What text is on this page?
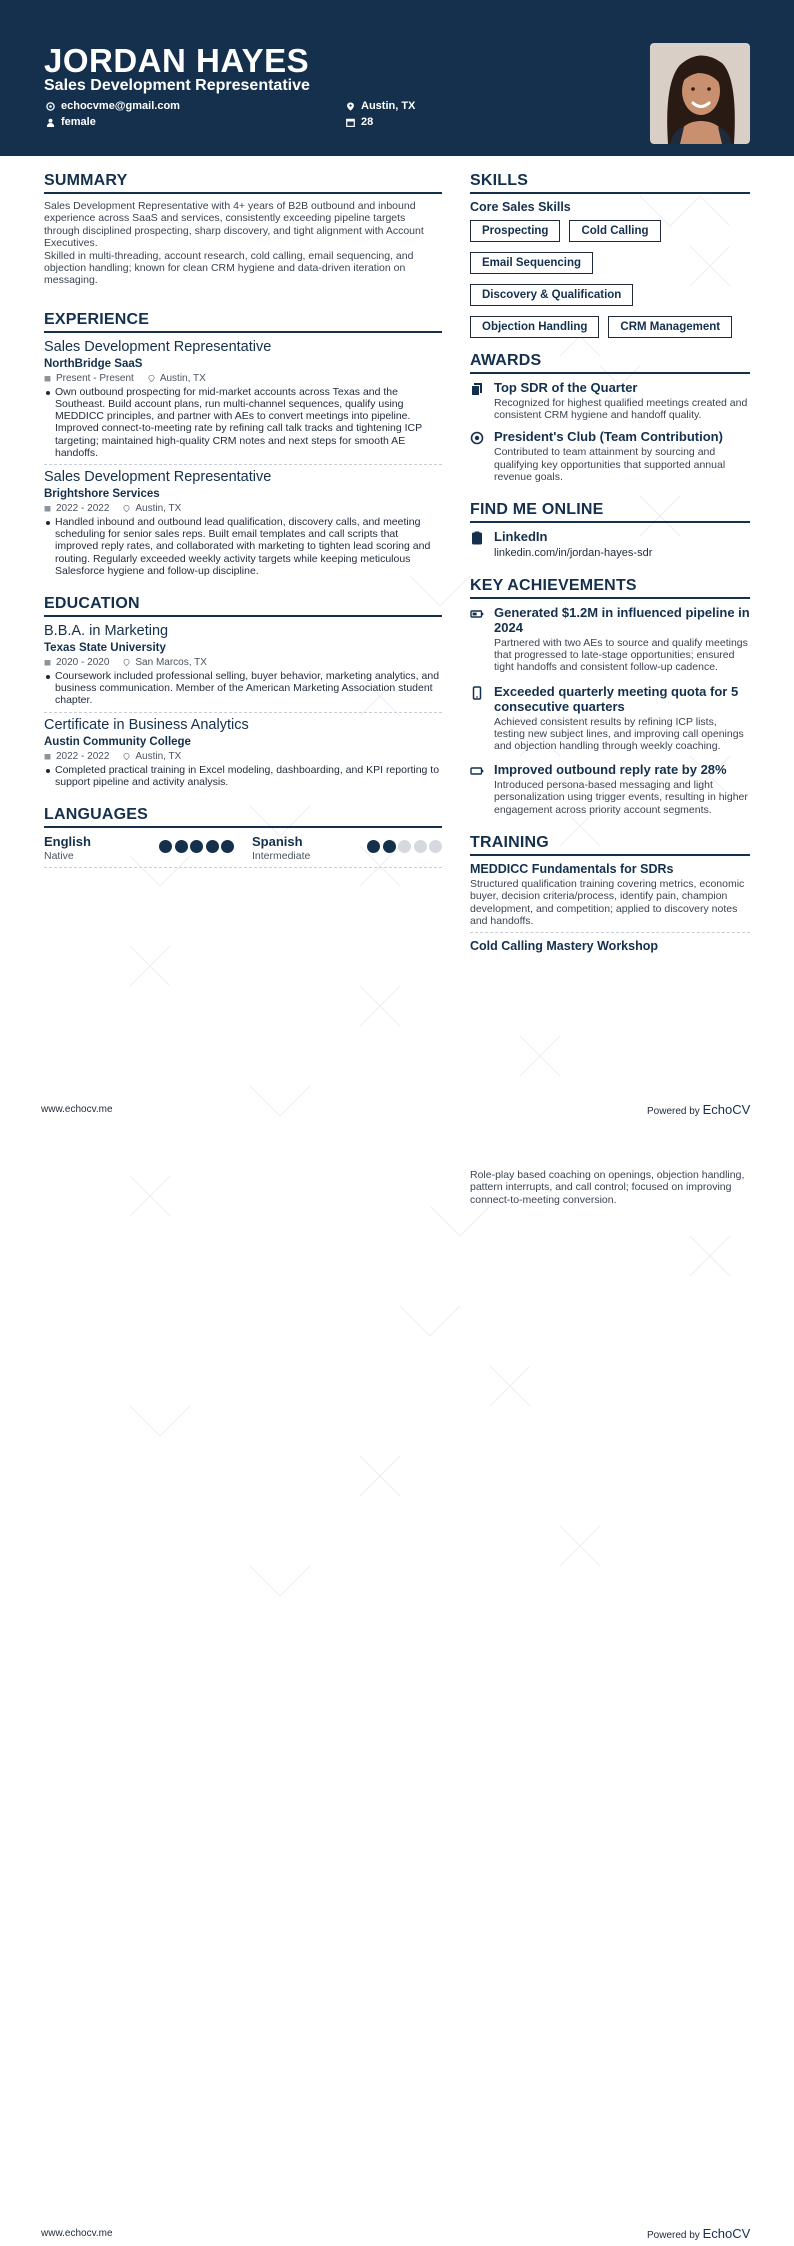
JORDAN HAYES
Sales Development Representative
echocvme@gmail.com
female
Austin, TX
28
SUMMARY
Sales Development Representative with 4+ years of B2B outbound and inbound experience across SaaS and services, consistently exceeding pipeline targets through disciplined prospecting, sharp discovery, and tight alignment with Account Executives.
Skilled in multi-threading, account research, cold calling, email sequencing, and objection handling; known for clean CRM hygiene and data-driven iteration on messaging.
EXPERIENCE
Sales Development Representative
NorthBridge SaaS
Present - Present	Austin, TX
Own outbound prospecting for mid-market accounts across Texas and the Southeast. Build account plans, run multi-channel sequences, qualify using MEDDICC principles, and partner with AEs to convert meetings into pipeline. Improved connect-to-meeting rate by refining call talk tracks and tightening ICP targeting; maintained high-quality CRM notes and next steps for smooth AE handoffs.
Sales Development Representative
Brightshore Services
2022 - 2022	Austin, TX
Handled inbound and outbound lead qualification, discovery calls, and meeting scheduling for senior sales reps. Built email templates and call scripts that improved reply rates, and collaborated with marketing to tighten lead scoring and routing. Regularly exceeded weekly activity targets while keeping meticulous Salesforce hygiene and follow-up discipline.
EDUCATION
B.B.A. in Marketing
Texas State University
2020 - 2020	San Marcos, TX
Coursework included professional selling, buyer behavior, marketing analytics, and business communication. Member of the American Marketing Association student chapter.
Certificate in Business Analytics
Austin Community College
2022 - 2022	Austin, TX
Completed practical training in Excel modeling, dashboarding, and KPI reporting to support pipeline and activity analysis.
LANGUAGES
English
Native
Spanish
Intermediate
SKILLS
Core Sales Skills
Prospecting	Cold Calling
Email Sequencing
Discovery & Qualification
Objection Handling	CRM Management
AWARDS
Top SDR of the Quarter
Recognized for highest qualified meetings created and consistent CRM hygiene and handoff quality.
President's Club (Team Contribution)
Contributed to team attainment by sourcing and qualifying key opportunities that supported annual revenue goals.
FIND ME ONLINE
LinkedIn
linkedin.com/in/jordan-hayes-sdr
KEY ACHIEVEMENTS
Generated $1.2M in influenced pipeline in 2024
Partnered with two AEs to source and qualify meetings that progressed to late-stage opportunities; ensured tight handoffs and consistent follow-up cadence.
Exceeded quarterly meeting quota for 5 consecutive quarters
Achieved consistent results by refining ICP lists, testing new subject lines, and improving call openings and objection handling through weekly coaching.
Improved outbound reply rate by 28%
Introduced persona-based messaging and light personalization using trigger events, resulting in higher engagement across priority account segments.
TRAINING
MEDDICC Fundamentals for SDRs
Structured qualification training covering metrics, economic buyer, decision criteria/process, identify pain, champion development, and competition; applied to discovery notes and handoffs.
Cold Calling Mastery Workshop
Role-play based coaching on openings, objection handling, pattern interrupts, and call control; focused on improving connect-to-meeting conversion.
www.echocv.me	Powered by EchoCV
www.echocv.me	Powered by EchoCV
